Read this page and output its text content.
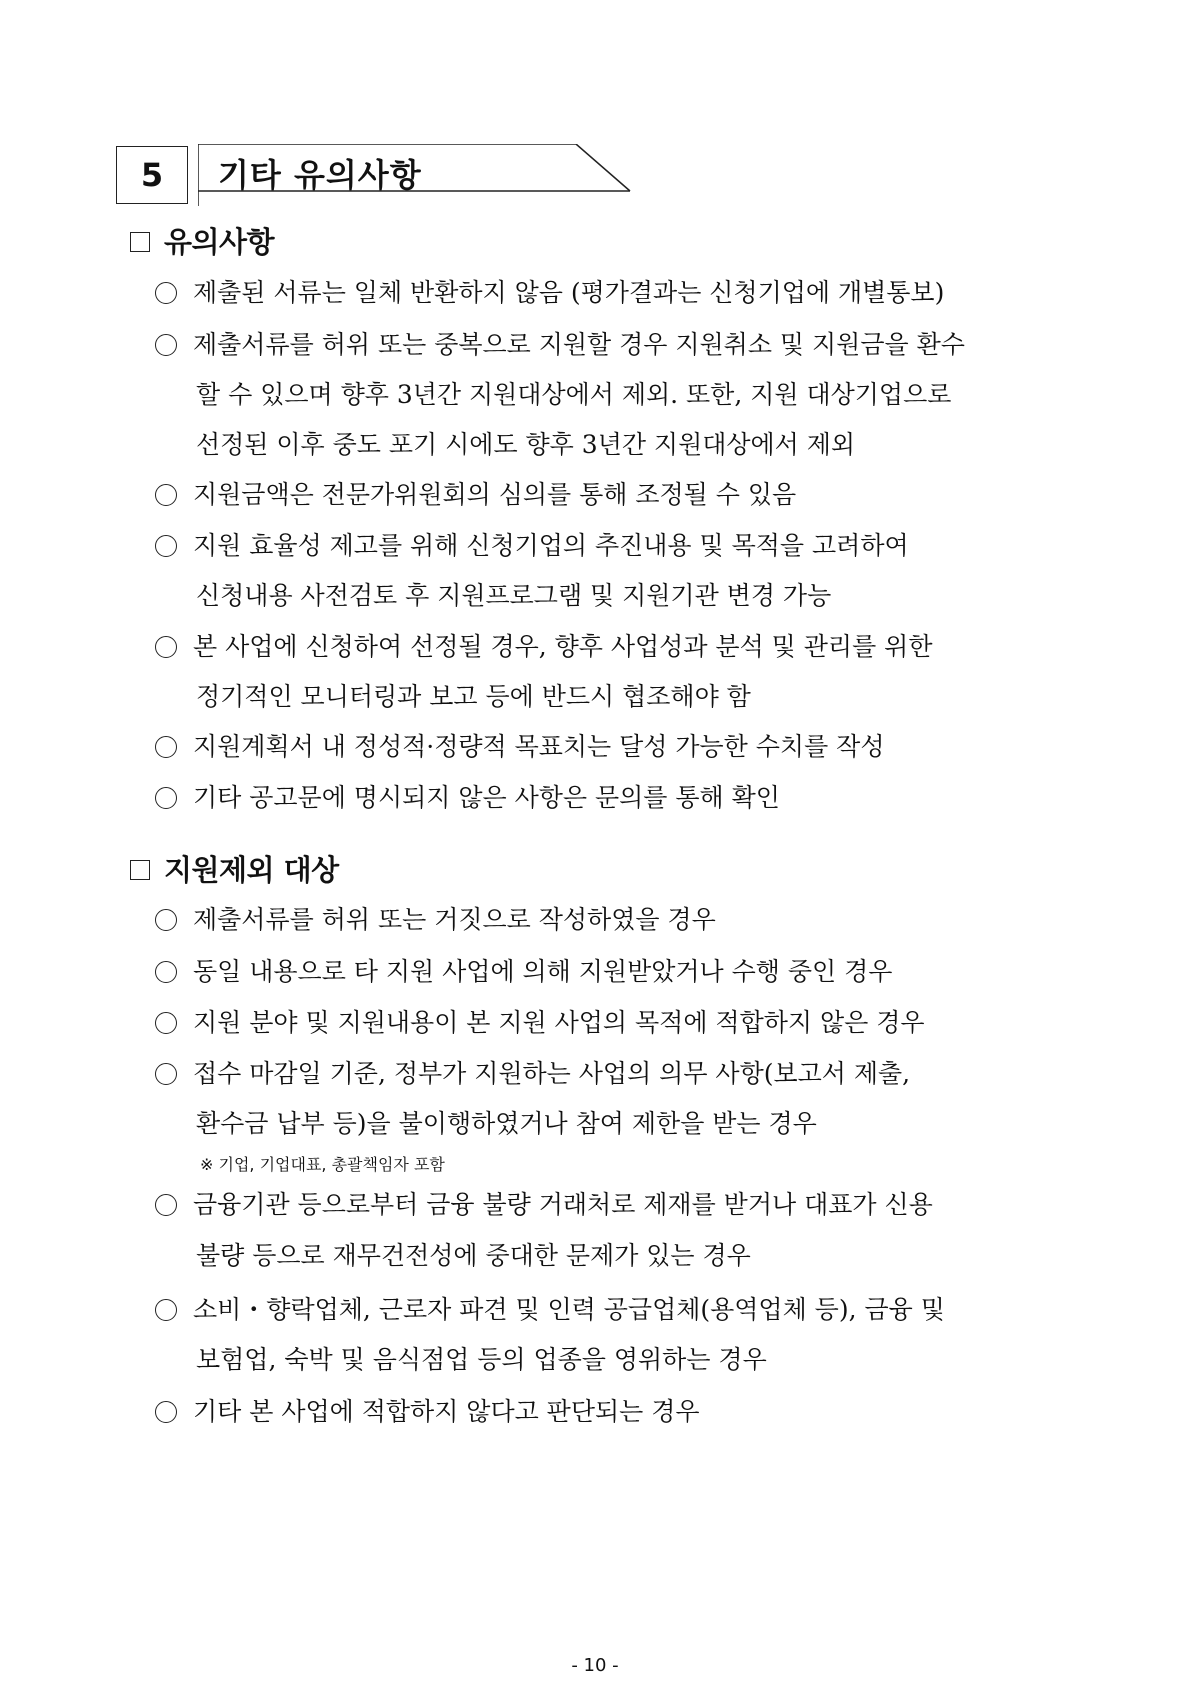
5	기타 유의사항
유의사항
제출된 서류는 일체 반환하지 않음 (평가결과는 신청기업에 개별통보)
제출서류를 허위 또는 중복으로 지원할 경우 지원취소 및 지원금을 환수
할 수 있으며 향후 3년간 지원대상에서 제외. 또한, 지원 대상기업으로
선정된 이후 중도 포기 시에도 향후 3년간 지원대상에서 제외
지원금액은 전문가위원회의 심의를 통해 조정될 수 있음
지원 효율성 제고를 위해 신청기업의 추진내용 및 목적을 고려하여
신청내용 사전검토 후 지원프로그램 및 지원기관 변경 가능
본 사업에 신청하여 선정될 경우, 향후 사업성과 분석 및 관리를 위한
정기적인 모니터링과 보고 등에 반드시 협조해야 함
지원계획서 내 정성적·정량적 목표치는 달성 가능한 수치를 작성
기타 공고문에 명시되지 않은 사항은 문의를 통해 확인
지원제외 대상
제출서류를 허위 또는 거짓으로 작성하였을 경우
동일 내용으로 타 지원 사업에 의해 지원받았거나 수행 중인 경우
지원 분야 및 지원내용이 본 지원 사업의 목적에 적합하지 않은 경우
접수 마감일 기준, 정부가 지원하는 사업의 의무 사항(보고서 제출,
환수금 납부 등)을 불이행하였거나 참여 제한을 받는 경우
※ 기업, 기업대표, 총괄책임자 포함
금융기관 등으로부터 금융 불량 거래처로 제재를 받거나 대표가 신용
불량 등으로 재무건전성에 중대한 문제가 있는 경우
소비・향락업체, 근로자 파견 및 인력 공급업체(용역업체 등), 금융 및
보험업, 숙박 및 음식점업 등의 업종을 영위하는 경우
기타 본 사업에 적합하지 않다고 판단되는 경우
- 10 -
